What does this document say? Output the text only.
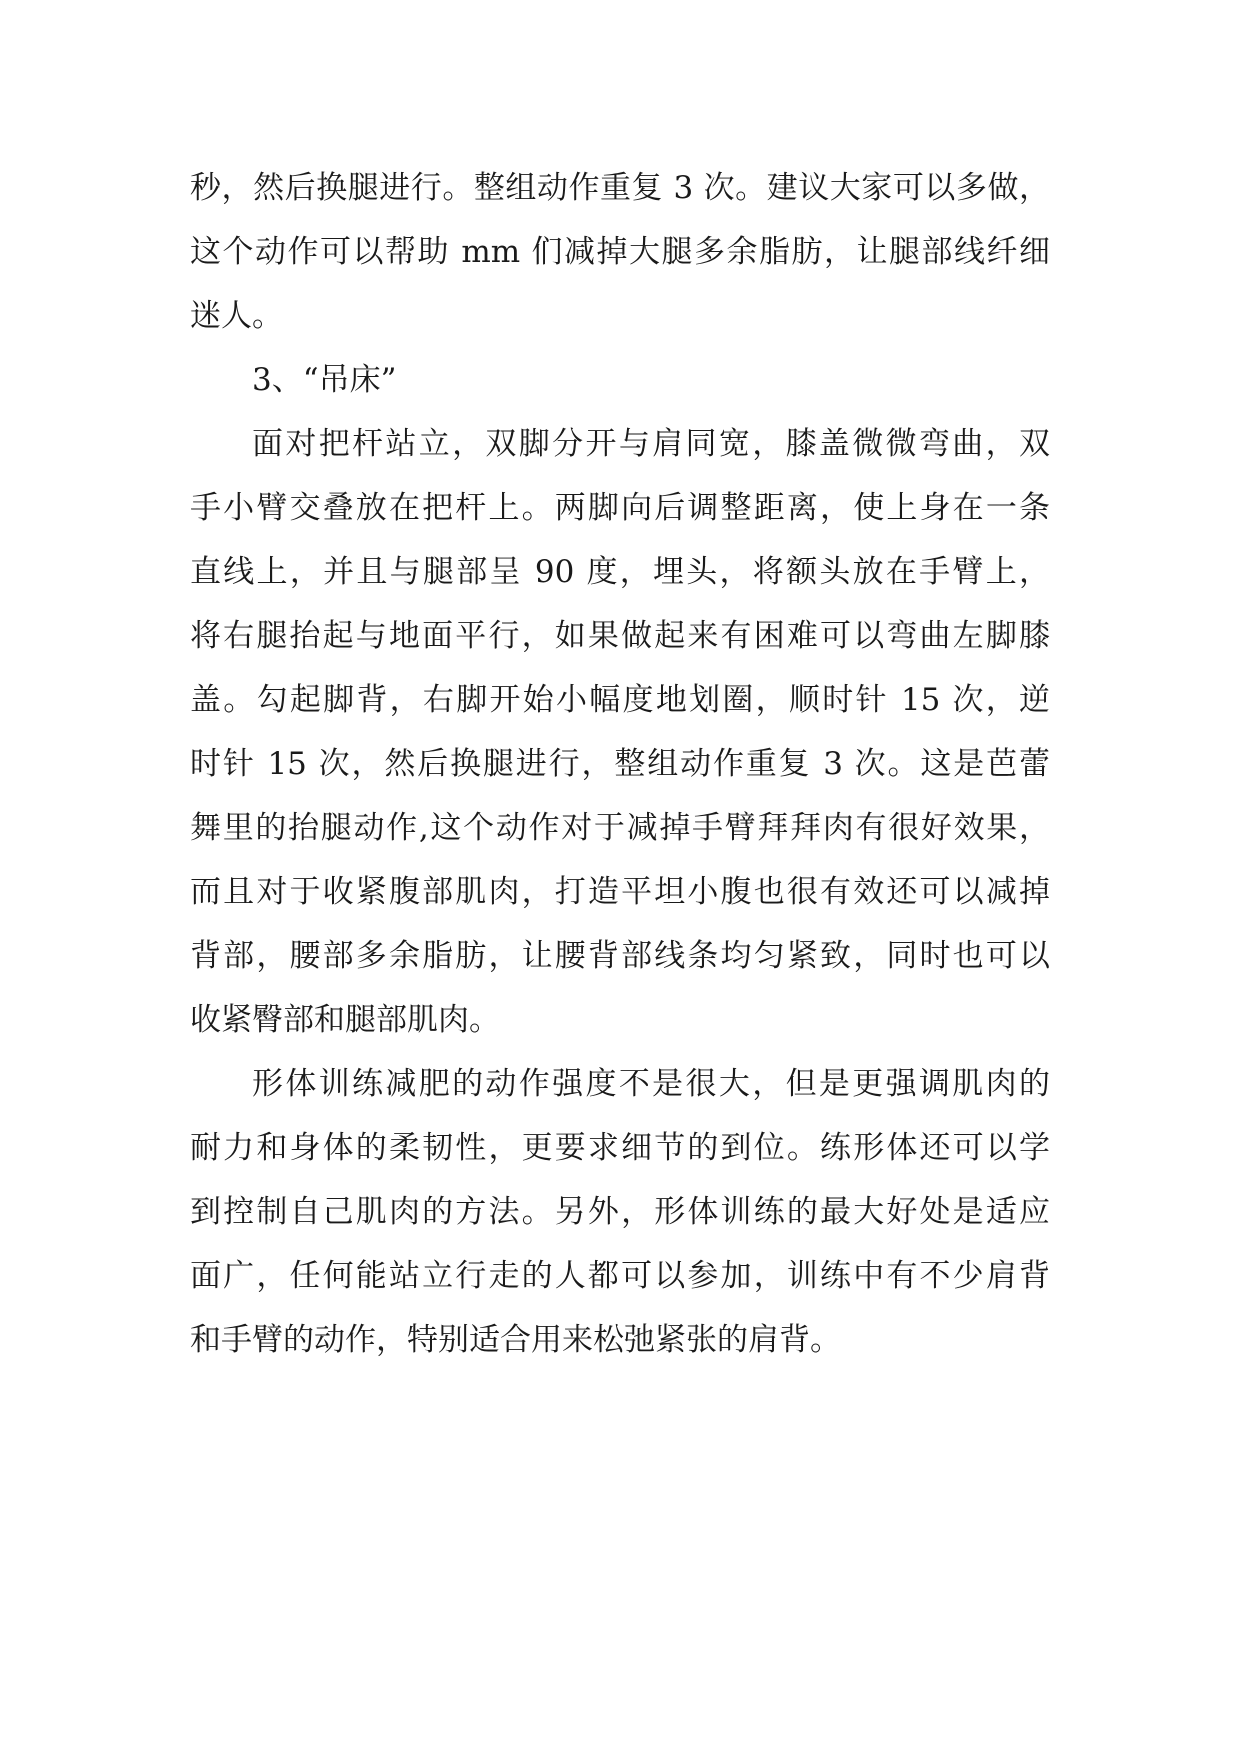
秒，然后换腿进行。整组动作重复 3 次。建议大家可以多做，
这个动作可以帮助 mm 们减掉大腿多余脂肪，让腿部线纤细
迷人。
3、“吊床”
面对把杆站立，双脚分开与肩同宽，膝盖微微弯曲，双
手小臂交叠放在把杆上。两脚向后调整距离，使上身在一条
直线上，并且与腿部呈 90 度，埋头，将额头放在手臂上，
将右腿抬起与地面平行，如果做起来有困难可以弯曲左脚膝
盖。勾起脚背，右脚开始小幅度地划圈，顺时针 15 次，逆
时针 15 次，然后换腿进行，整组动作重复 3 次。这是芭蕾
舞里的抬腿动作,这个动作对于减掉手臂拜拜肉有很好效果，
而且对于收紧腹部肌肉，打造平坦小腹也很有效还可以减掉
背部，腰部多余脂肪，让腰背部线条均匀紧致，同时也可以
收紧臀部和腿部肌肉。
形体训练减肥的动作强度不是很大，但是更强调肌肉的
耐力和身体的柔韧性，更要求细节的到位。练形体还可以学
到控制自己肌肉的方法。另外，形体训练的最大好处是适应
面广，任何能站立行走的人都可以参加，训练中有不少肩背
和手臂的动作，特别适合用来松弛紧张的肩背。
